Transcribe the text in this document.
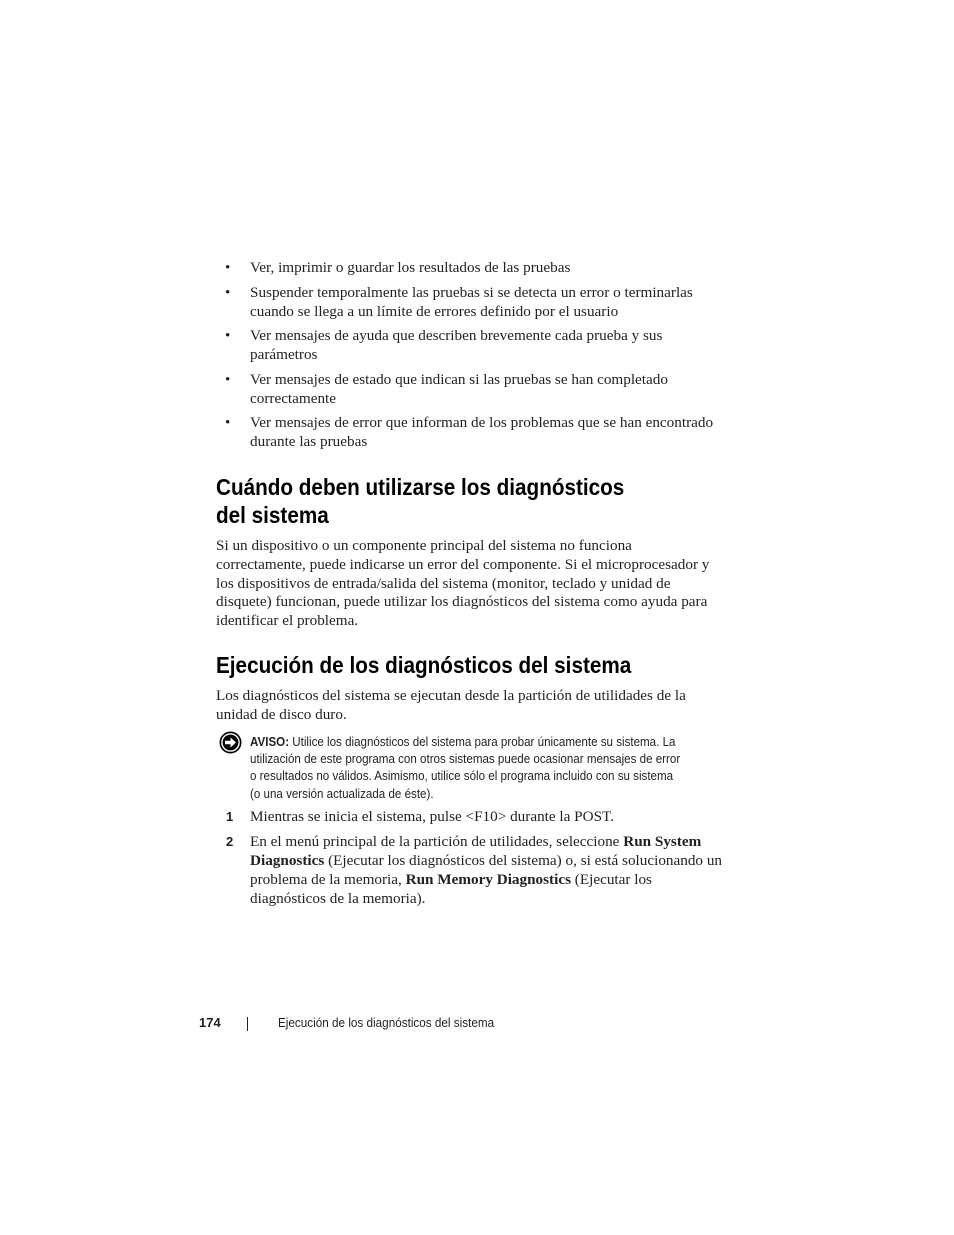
• Ver, imprimir o guardar los resultados de las pruebas
• Suspender temporalmente las pruebas si se detecta un error o terminarlas cuando se llega a un límite de errores definido por el usuario
• Ver mensajes de ayuda que describen brevemente cada prueba y sus parámetros
• Ver mensajes de estado que indican si las pruebas se han completado correctamente
• Ver mensajes de error que informan de los problemas que se han encontrado durante las pruebas
Cuándo deben utilizarse los diagnósticos
del sistema

Si un dispositivo o un componente principal del sistema no funciona correctamente, puede indicarse un error del componente. Si el microprocesador y los dispositivos de entrada/salida del sistema (monitor, teclado y unidad de disquete) funcionan, puede utilizar los diagnósticos del sistema como ayuda para identificar el problema.

Ejecución de los diagnósticos del sistema

Los diagnósticos del sistema se ejecutan desde la partición de utilidades de la unidad de disco duro.

AVISO: Utilice los diagnósticos del sistema para probar únicamente su sistema. La utilización de este programa con otros sistemas puede ocasionar mensajes de error o resultados no válidos. Asimismo, utilice sólo el programa incluido con su sistema (o una versión actualizada de éste).
1 Mientras se inicia el sistema, pulse <F10> durante la POST.
2 En el menú principal de la partición de utilidades, seleccione Run System Diagnostics (Ejecutar los diagnósticos del sistema) o, si está solucionando un problema de la memoria, Run Memory Diagnostics (Ejecutar los diagnósticos de la memoria).
174	Ejecución de los diagnósticos del sistema
